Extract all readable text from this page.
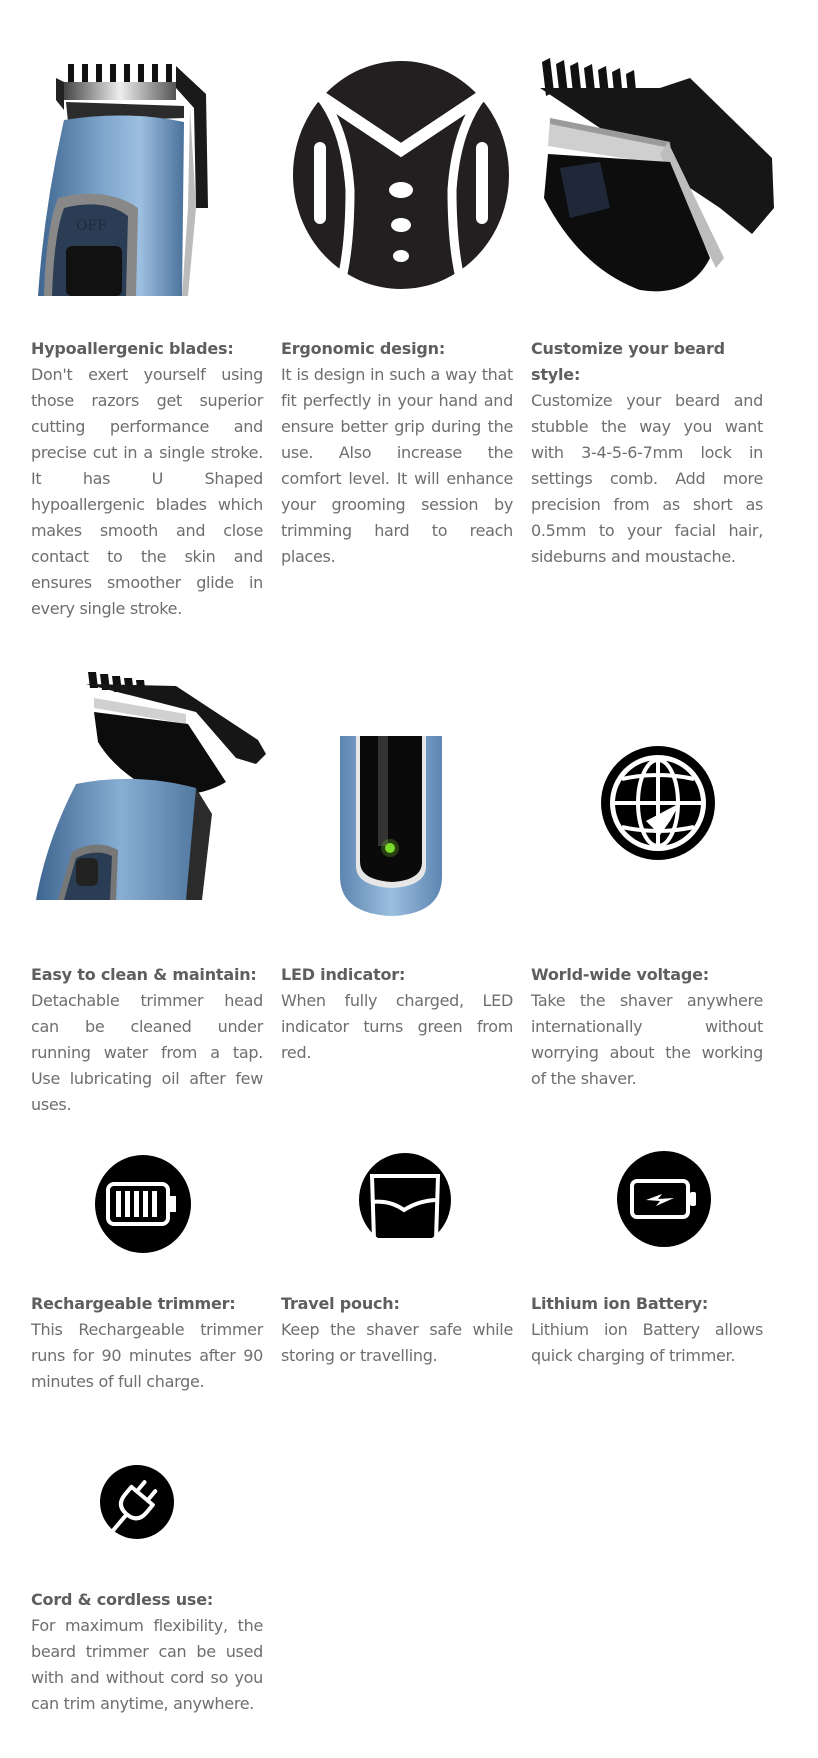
OFF
Hypoallergenic blades:
Don't exert yourself using those razors get superior cutting performance and precise cut in a single stroke. It has U Shaped hypoallergenic blades which makes smooth and close contact to the skin and ensures smoother glide in every single stroke.
Ergonomic design:
It is design in such a way that fit perfectly in your hand and ensure better grip during the use. Also increase the comfort level. It will enhance your grooming session by trimming hard to reach places.
Customize your beard style:
Customize your beard and stubble the way you want with 3-4-5-6-7mm lock in settings comb. Add more precision from as short as 0.5mm to your facial hair, sideburns and moustache.
Easy to clean & maintain:
Detachable trimmer head can be cleaned under running water from a tap. Use lubricating oil after few uses.
LED indicator:
When fully charged, LED indicator turns green from red.
World-wide voltage:
Take the shaver anywhere internationally without worrying about the working of the shaver.
Rechargeable trimmer:
This Rechargeable trimmer runs for 90 minutes after 90 minutes of full charge.
Travel pouch:
Keep the shaver safe while storing or travelling.
Lithium ion Battery:
Lithium ion Battery allows quick charging of trimmer.
Cord & cordless use:
For maximum flexibility, the beard trimmer can be used with and without cord so you can trim anytime, anywhere.
